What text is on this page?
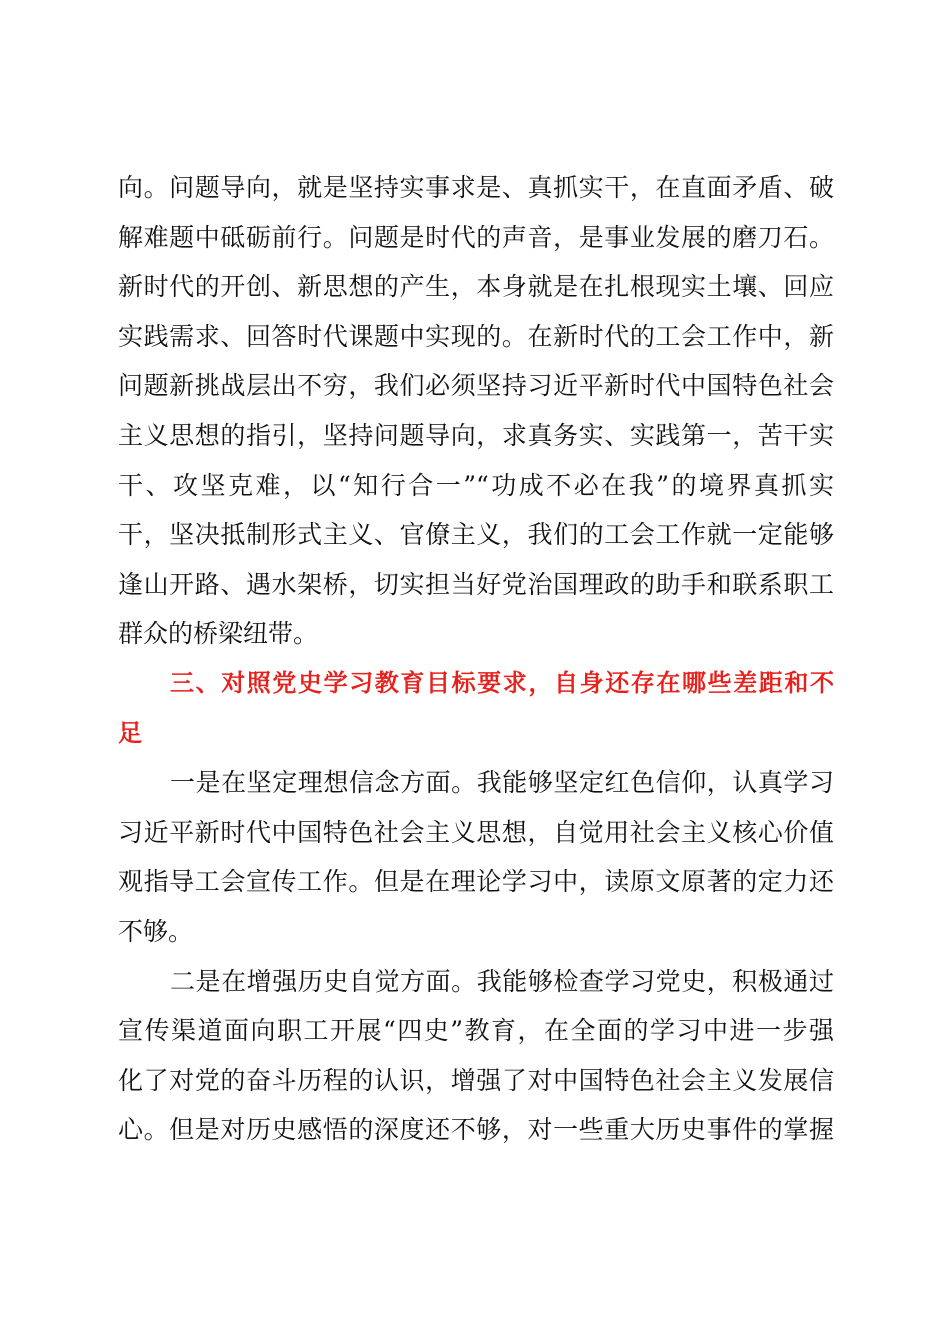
向。问题导向，就是坚持实事求是、真抓实干，在直面矛盾、破
解难题中砥砺前行。问题是时代的声音，是事业发展的磨刀石。
新时代的开创、新思想的产生，本身就是在扎根现实土壤、回应
实践需求、回答时代课题中实现的。在新时代的工会工作中，新
问题新挑战层出不穷，我们必须坚持习近平新时代中国特色社会
主义思想的指引，坚持问题导向，求真务实、实践第一，苦干实
干、攻坚克难，以“知行合一”“功成不必在我”的境界真抓实
干，坚决抵制形式主义、官僚主义，我们的工会工作就一定能够
逢山开路、遇水架桥，切实担当好党治国理政的助手和联系职工
群众的桥梁纽带。
三、对照党史学习教育目标要求，自身还存在哪些差距和不
足
一是在坚定理想信念方面。我能够坚定红色信仰，认真学习
习近平新时代中国特色社会主义思想，自觉用社会主义核心价值
观指导工会宣传工作。但是在理论学习中，读原文原著的定力还
不够。
二是在增强历史自觉方面。我能够检查学习党史，积极通过
宣传渠道面向职工开展“四史”教育，在全面的学习中进一步强
化了对党的奋斗历程的认识，增强了对中国特色社会主义发展信
心。但是对历史感悟的深度还不够，对一些重大历史事件的掌握
